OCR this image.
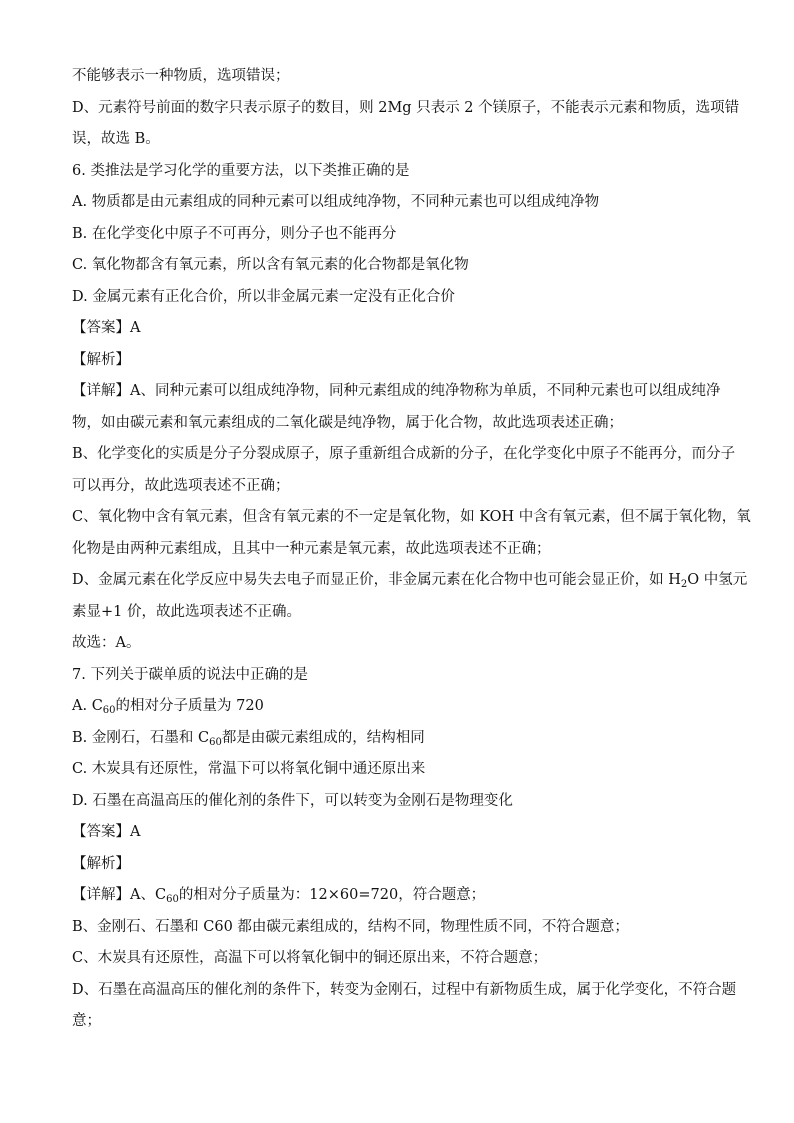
不能够表示一种物质，选项错误；
D、元素符号前面的数字只表示原子的数目，则 2Mg 只表示 2 个镁原子，不能表示元素和物质，选项错
误，故选 B。
6. 类推法是学习化学的重要方法，以下类推正确的是
A. 物质都是由元素组成的同种元素可以组成纯净物，不同种元素也可以组成纯净物
B. 在化学变化中原子不可再分，则分子也不能再分
C. 氧化物都含有氧元素，所以含有氧元素的化合物都是氧化物
D. 金属元素有正化合价，所以非金属元素一定没有正化合价
【答案】A
【解析】
【详解】A、同种元素可以组成纯净物，同种元素组成的纯净物称为单质，不同种元素也可以组成纯净
物，如由碳元素和氧元素组成的二氧化碳是纯净物，属于化合物，故此选项表述正确；
B、化学变化的实质是分子分裂成原子，原子重新组合成新的分子，在化学变化中原子不能再分，而分子
可以再分，故此选项表述不正确；
C、氧化物中含有氧元素，但含有氧元素的不一定是氧化物，如 KOH 中含有氧元素，但不属于氧化物，氧
化物是由两种元素组成，且其中一种元素是氧元素，故此选项表述不正确；
D、金属元素在化学反应中易失去电子而显正价，非金属元素在化合物中也可能会显正价，如 $H_2O$ 中氢元
素显+1 价，故此选项表述不正确。
故选：A。
7. 下列关于碳单质的说法中正确的是
A. $C_{60}$的相对分子质量为 720
B. 金刚石，石墨和 $C_{60}$都是由碳元素组成的，结构相同
C. 木炭具有还原性，常温下可以将氧化铜中通还原出来
D. 石墨在高温高压的催化剂的条件下，可以转变为金刚石是物理变化
【答案】A
【解析】
【详解】A、$C_{60}$的相对分子质量为：12×60=720，符合题意；
B、金刚石、石墨和 C60 都由碳元素组成的，结构不同，物理性质不同，不符合题意；
C、木炭具有还原性，高温下可以将氧化铜中的铜还原出来，不符合题意；
D、石墨在高温高压的催化剂的条件下，转变为金刚石，过程中有新物质生成，属于化学变化，不符合题
意；
